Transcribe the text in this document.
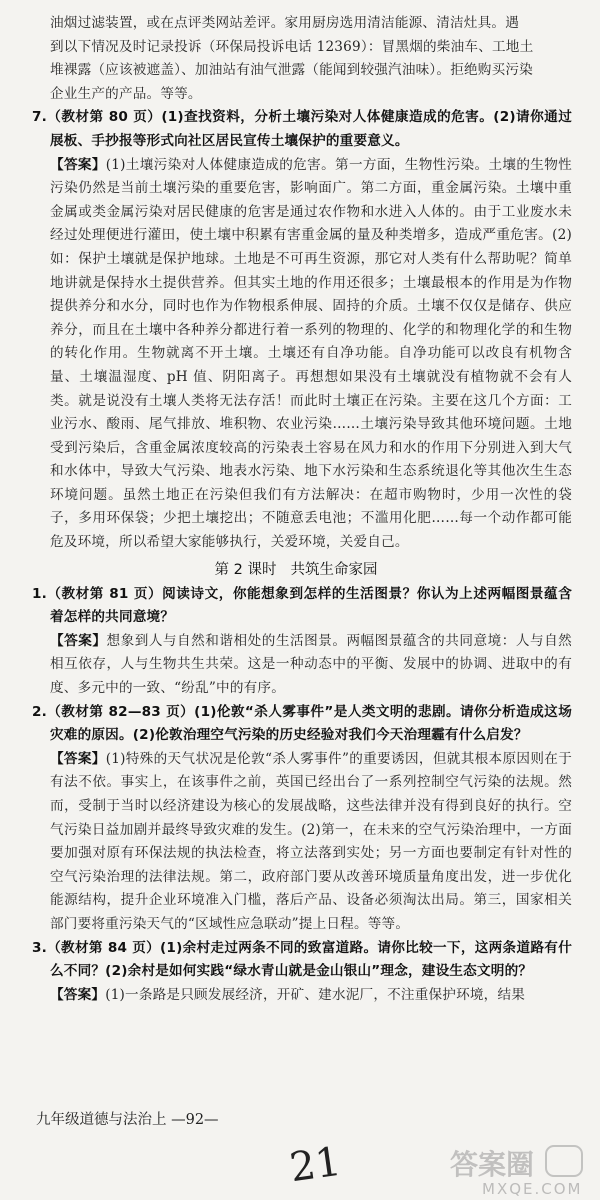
油烟过滤装置，或在点评类网站差评。家用厨房选用清洁能源、清洁灶具。遇

到以下情况及时记录投诉（环保局投诉电话 12369）：冒黑烟的柴油车、工地土

堆裸露（应该被遮盖）、加油站有油气泄露（能闻到较强汽油味）。拒绝购买污染

企业生产的产品。等等。

7.（教材第 80 页）(1)查找资料，分析土壤污染对人体健康造成的危害。(2)请你通过展板、手抄报等形式向社区居民宣传土壤保护的重要意义。

【答案】(1)土壤污染对人体健康造成的危害。第一方面，生物性污染。土壤的生物性污染仍然是当前土壤污染的重要危害，影响面广。第二方面，重金属污染。土壤中重金属或类金属污染对居民健康的危害是通过农作物和水进入人体的。由于工业废水未经过处理便进行灌田，使土壤中积累有害重金属的量及种类增多，造成严重危害。(2)如：保护土壤就是保护地球。土地是不可再生资源，那它对人类有什么帮助呢？简单地讲就是保持水土提供营养。但其实土地的作用还很多；土壤最根本的作用是为作物提供养分和水分，同时也作为作物根系伸展、固持的介质。土壤不仅仅是储存、供应养分，而且在土壤中各种养分都进行着一系列的物理的、化学的和物理化学的和生物的转化作用。生物就离不开土壤。土壤还有自净功能。自净功能可以改良有机物含量、土壤温湿度、pH 值、阴阳离子。再想想如果没有土壤就没有植物就不会有人类。就是说没有土壤人类将无法存活！而此时土壤正在污染。主要在这几个方面：工业污水、酸雨、尾气排放、堆积物、农业污染……土壤污染导致其他环境问题。土地受到污染后，含重金属浓度较高的污染表土容易在风力和水的作用下分别进入到大气和水体中，导致大气污染、地表水污染、地下水污染和生态系统退化等其他次生生态环境问题。虽然土地正在污染但我们有方法解决：在超市购物时，少用一次性的袋子，多用环保袋；少把土壤挖出；不随意丢电池；不滥用化肥……每一个动作都可能危及环境，所以希望大家能够执行，关爱环境，关爱自己。

第 2 课时 共筑生命家园

1.（教材第 81 页）阅读诗文，你能想象到怎样的生活图景？你认为上述两幅图景蕴含着怎样的共同意境？

【答案】想象到人与自然和谐相处的生活图景。两幅图景蕴含的共同意境：人与自然相互依存，人与生物共生共荣。这是一种动态中的平衡、发展中的协调、进取中的有度、多元中的一致、“纷乱”中的有序。

2.（教材第 82—83 页）(1)伦敦“杀人雾事件”是人类文明的悲剧。请你分析造成这场灾难的原因。(2)伦敦治理空气污染的历史经验对我们今天治理霾有什么启发？

【答案】(1)特殊的天气状况是伦敦“杀人雾事件”的重要诱因，但就其根本原因则在于有法不依。事实上，在该事件之前，英国已经出台了一系列控制空气污染的法规。然而，受制于当时以经济建设为核心的发展战略，这些法律并没有得到良好的执行。空气污染日益加剧并最终导致灾难的发生。(2)第一，在未来的空气污染治理中，一方面要加强对原有环保法规的执法检查，将立法落到实处；另一方面也要制定有针对性的空气污染治理的法律法规。第二，政府部门要从改善环境质量角度出发，进一步优化能源结构，提升企业环境准入门槛，落后产品、设备必须淘汰出局。第三，国家相关部门要将重污染天气的“区域性应急联动”提上日程。等等。

3.（教材第 84 页）(1)余村走过两条不同的致富道路。请你比较一下，这两条道路有什么不同？(2)余村是如何实践“绿水青山就是金山银山”理念，建设生态文明的？

【答案】(1)一条路是只顾发展经济，开矿、建水泥厂，不注重保护环境，结果

九年级道德与法治上 —92—
21	答案圈
MXQE.COM
